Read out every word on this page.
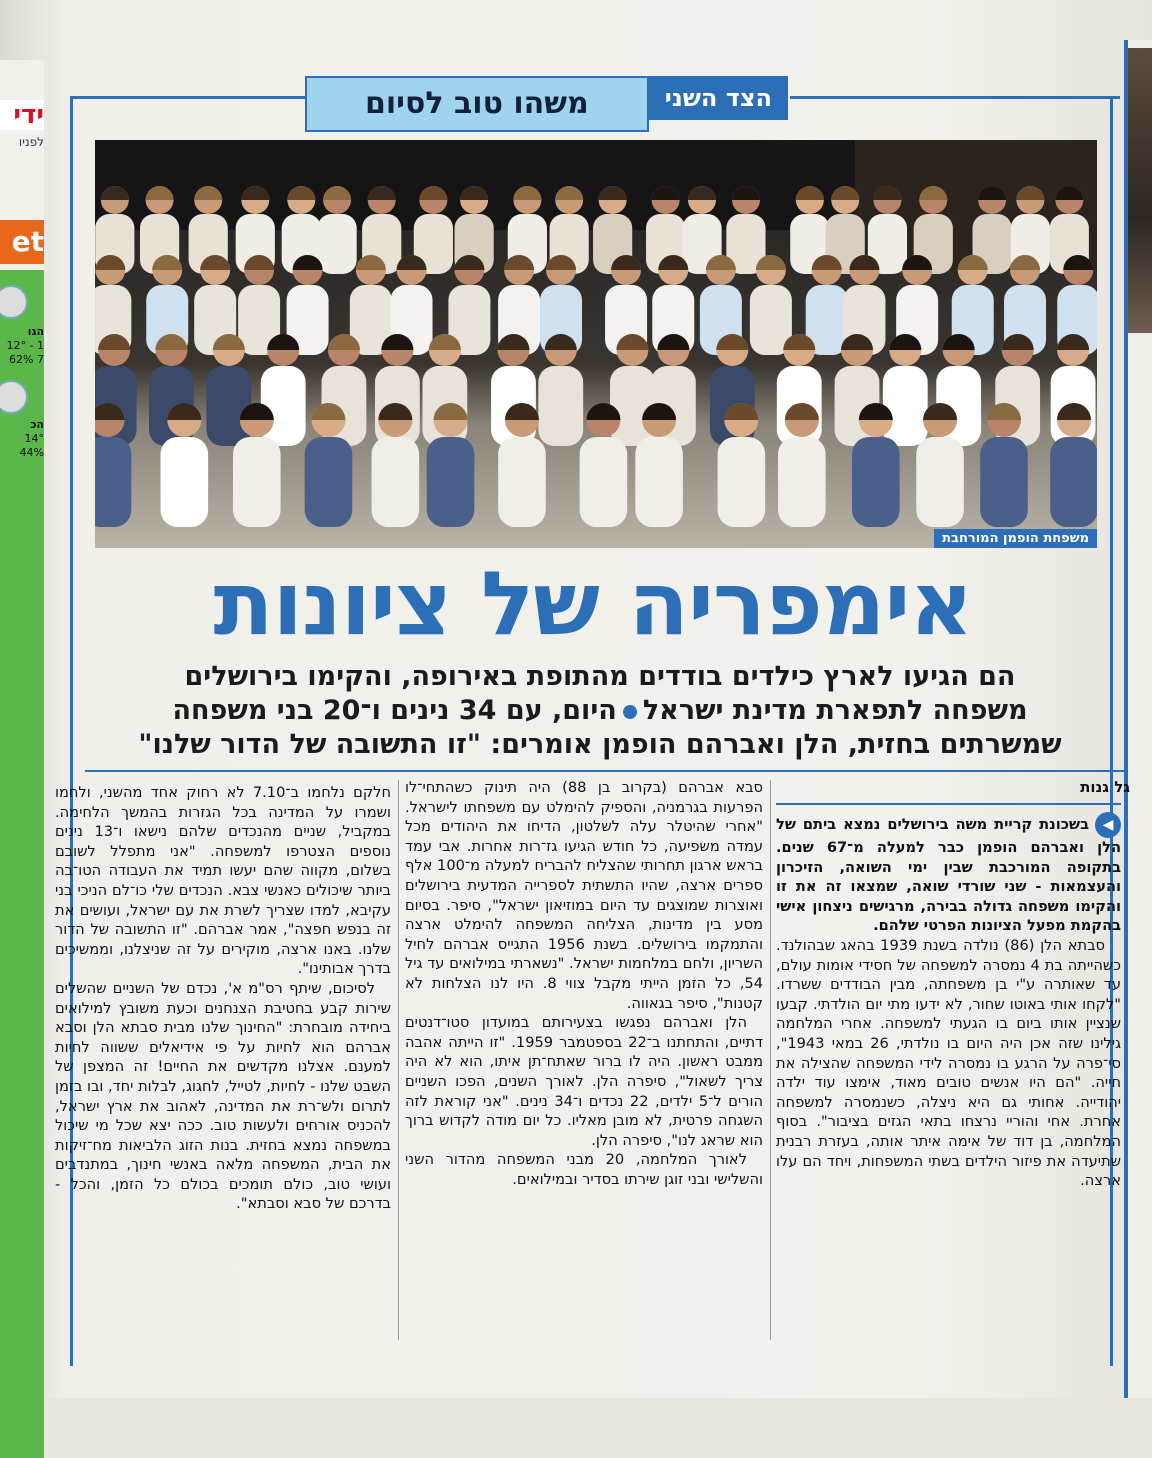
ידי
לפניו
et
הגו
12° - 1
62% 7
הכ
14°
44%
הצד השני
משהו טוב לסיום
משפחת הופמן המורחבת
אימפריה של ציונות
הם הגיעו לארץ כילדים בודדים מהתופת באירופה, והקימו בירושלים
משפחה לתפארת מדינת ישראלהיום, עם 34 נינים ו־20 בני משפחה
שמשרתים בחזית, הלן ואברהם הופמן אומרים: "זו התשובה של הדור שלנו"
גל גנות

◀בשכונת קריית משה בירושלים נמצא ביתם של הלן ואברהם הופמן כבר למעלה מ־67 שנים. בתקופה המורכבת שבין ימי השואה, הזיכרון והעצמאות - שני שורדי שואה, שמצאו זה את זו והקימו משפחה גדולה בבירה, מרגישים ניצחון אישי בהקמת מפעל הציונות הפרטי שלהם.

סבתא הלן (86) נולדה בשנת 1939 בהאג שבהולנד. כשהייתה בת 4 נמסרה למשפחה של חסידי אומות עולם, עד שאותרה ע"י בן משפחתה, מבין הבודדים ששרדו. "לקחו אותי באוטו שחור, לא ידעו מתי יום הולדתי. קבעו שנציין אותו ביום בו הגעתי למשפחה. אחרי המלחמה גילינו שזה אכן היה היום בו נולדתי, 26 במאי 1943", סי־פרה על הרגע בו נמסרה לידי המשפחה שהצילה את חייה. "הם היו אנשים טובים מאוד, אימצו עוד ילדה יהודייה. אחותי גם היא ניצלה, כשנמסרה למשפחה אחרת. אחי והוריי נרצחו בתאי הגזים בציבור". בסוף המלחמה, בן דוד של אימה איתר אותה, בעזרת רבנית שתיעדה את פיזור הילדים בשתי המשפחות, ויחד הם עלו ארצה.

סבא אברהם (בקרוב בן 88) היה תינוק כשהתחי־לו הפרעות בגרמניה, והספיק להימלט עם משפחתו לישראל. "אחרי שהיטלר עלה לשלטון, הדיחו את היהודים מכל עמדה משפיעה, כל חודש הגיעו גז־רות אחרות. אבי עמד בראש ארגון תחרותי שהצליח להבריח למעלה מ־100 אלף ספרים ארצה, שהיו התשתית לספרייה המדעית בירושלים ואוצרות שמוצגים עד היום במוזיאון ישראל", סיפר. בסיום מסע בין מדינות, הצליחה המשפחה להימלט ארצה והתמקמו בירושלים. בשנת 1956 התגייס אברהם לחיל השריון, ולחם במלחמות ישראל. "נשארתי במילואים עד גיל 54, כל הזמן הייתי מקבל צווי 8. היו לנו הצלחות לא קטנות", סיפר בגאווה.

הלן ואברהם נפגשו בצעירותם במועדון סטו־דנטים דתיים, והתחתנו ב־22 בספטמבר 1959. "זו הייתה אהבה ממבט ראשון. היה לו ברור שאתח־תן איתו, הוא לא היה צריך לשאול", סיפרה הלן. לאורך השנים, הפכו השניים הורים ל־5 ילדים, 22 נכדים ו־34 נינים. "אני קוראת לזה השגחה פרטית, לא מובן מאליו. כל יום מודה לקדוש ברוך הוא שראג לנו", סיפרה הלן.

לאורך המלחמה, 20 מבני המשפחה מהדור השני והשלישי ובני זוגן שירתו בסדיר ובמילואים.

חלקם נלחמו ב־7.10 לא רחוק אחד מהשני, ולחמו ושמרו על המדינה בכל הגזרות בהמשך הלחימה. במקביל, שניים מהנכדים שלהם נישאו ו־13 נינים נוספים הצטרפו למשפחה. "אני מתפלל לשובם בשלום, מקווה שהם יעשו תמיד את העבודה הטו־בה ביותר שיכולים כאנשי צבא. הנכדים שלי כו־לם הניכי בני עקיבא, למדו שצריך לשרת את עם ישראל, ועושים את זה בנפש חפצה", אמר אברהם. "זו התשובה של הדור שלנו. באנו ארצה, מוקירים על זה שניצלנו, וממשיכים בדרך אבותינו".

לסיכום, שיתף רס"מ א', נכדם של השניים שהשלים שירות קבע בחטיבת הצנחנים וכעת משובץ למילואים ביחידה מובחרת: "החינוך שלנו מבית סבתא הלן וסבא אברהם הוא לחיות על פי אידיאלים ששווה לחיות למענם. אצלנו מקדשים את החיים! זה המצפן של השבט שלנו - לחיות, לטייל, לחגוג, לבלות יחד, ובו בזמן לתרום ולש־רת את המדינה, לאהוב את ארץ ישראל, להכניס אורחים ולעשות טוב. ככה יצא שכל מי שיכול במשפחה נמצא בחזית. בנות הזוג הלביאות מח־זיקות את הבית, המשפחה מלאה באנשי חינוך, במתנדבים ועושי טוב, כולם תומכים בכולם כל הזמן, והכל - בדרכם של סבא וסבתא".
